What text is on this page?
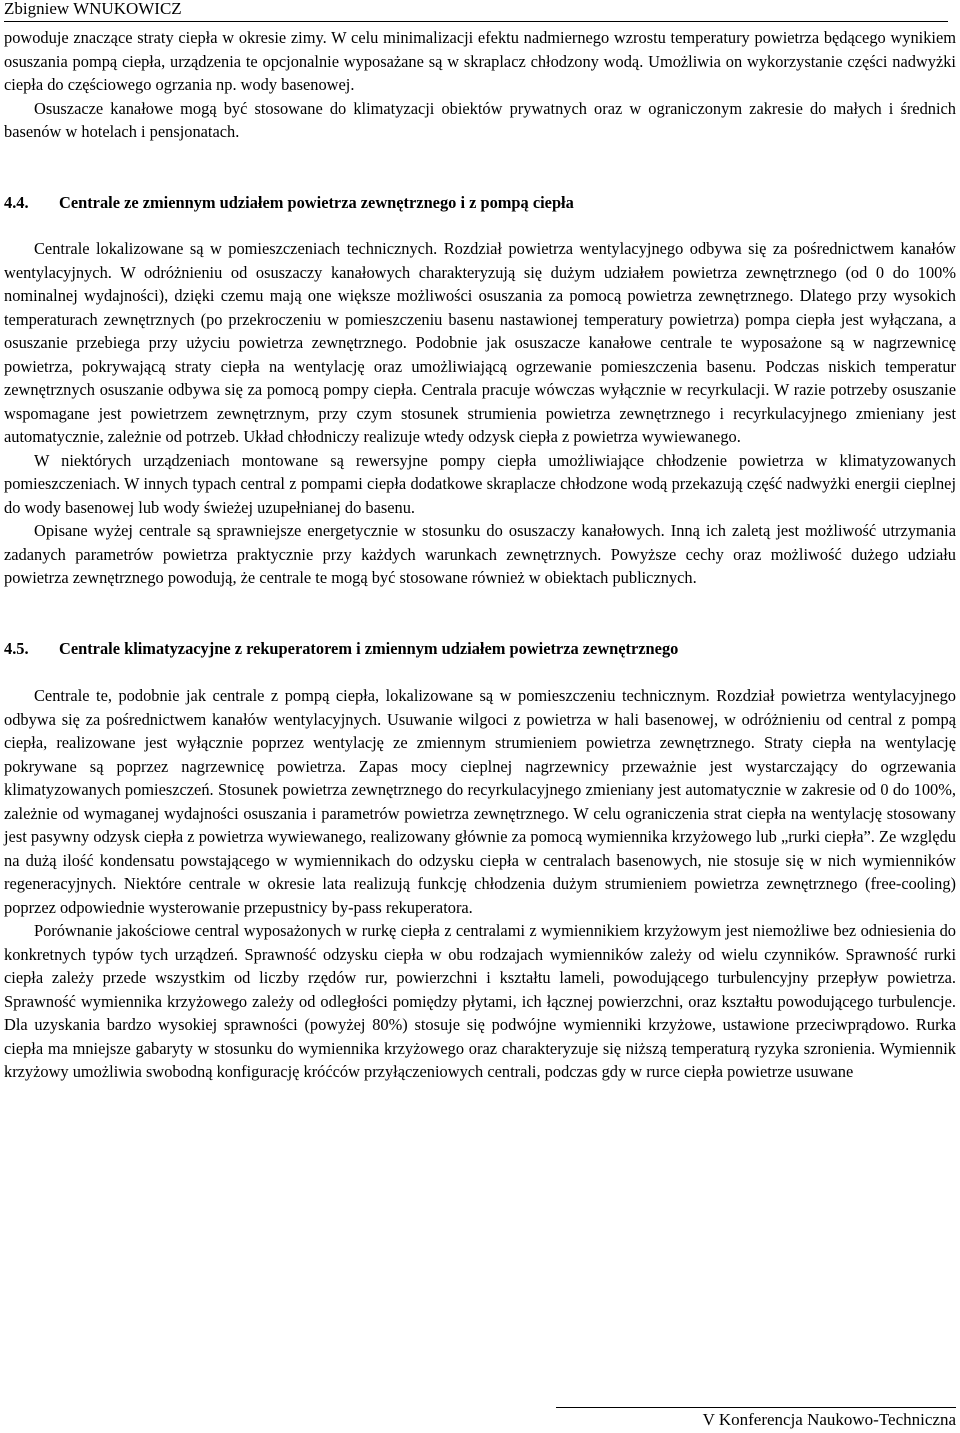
Zbigniew WNUKOWICZ

powoduje znaczące straty ciepła w okresie zimy. W celu minimalizacji efektu nadmiernego wzrostu temperatury powietrza będącego wynikiem osuszania pompą ciepła, urządzenia te opcjonalnie wyposażane są w skraplacz chłodzony wodą. Umożliwia on wykorzystanie części nadwyżki ciepła do częściowego ogrzania np. wody basenowej.

Osuszacze kanałowe mogą być stosowane do klimatyzacji obiektów prywatnych oraz w ograniczonym zakresie do małych i średnich basenów w hotelach i pensjonatach.

4.4. Centrale ze zmiennym udziałem powietrza zewnętrznego i z pompą ciepła

Centrale lokalizowane są w pomieszczeniach technicznych. Rozdział powietrza wentylacyjnego odbywa się za pośrednictwem kanałów wentylacyjnych. W odróżnieniu od osuszaczy kanałowych charakteryzują się dużym udziałem powietrza zewnętrznego (od 0 do 100% nominalnej wydajności), dzięki czemu mają one większe możliwości osuszania za pomocą powietrza zewnętrznego. Dlatego przy wysokich temperaturach zewnętrznych (po przekroczeniu w pomieszczeniu basenu nastawionej temperatury powietrza) pompa ciepła jest wyłączana, a osuszanie przebiega przy użyciu powietrza zewnętrznego. Podobnie jak osuszacze kanałowe centrale te wyposażone są w nagrzewnicę powietrza, pokrywającą straty ciepła na wentylację oraz umożliwiającą ogrzewanie pomieszczenia basenu. Podczas niskich temperatur zewnętrznych osuszanie odbywa się za pomocą pompy ciepła. Centrala pracuje wówczas wyłącznie w recyrkulacji. W razie potrzeby osuszanie wspomagane jest powietrzem zewnętrznym, przy czym stosunek strumienia powietrza zewnętrznego i recyrkulacyjnego zmieniany jest automatycznie, zależnie od potrzeb. Układ chłodniczy realizuje wtedy odzysk ciepła z powietrza wywiewanego.

W niektórych urządzeniach montowane są rewersyjne pompy ciepła umożliwiające chłodzenie powietrza w klimatyzowanych pomieszczeniach. W innych typach central z pompami ciepła dodatkowe skraplacze chłodzone wodą przekazują część nadwyżki energii cieplnej do wody basenowej lub wody świeżej uzupełnianej do basenu.

Opisane wyżej centrale są sprawniejsze energetycznie w stosunku do osuszaczy kanałowych. Inną ich zaletą jest możliwość utrzymania zadanych parametrów powietrza praktycznie przy każdych warunkach zewnętrznych. Powyższe cechy oraz możliwość dużego udziału powietrza zewnętrznego powodują, że centrale te mogą być stosowane również w obiektach publicznych.

4.5. Centrale klimatyzacyjne z rekuperatorem i zmiennym udziałem powietrza zewnętrznego

Centrale te, podobnie jak centrale z pompą ciepła, lokalizowane są w pomieszczeniu technicznym. Rozdział powietrza wentylacyjnego odbywa się za pośrednictwem kanałów wentylacyjnych. Usuwanie wilgoci z powietrza w hali basenowej, w odróżnieniu od central z pompą ciepła, realizowane jest wyłącznie poprzez wentylację ze zmiennym strumieniem powietrza zewnętrznego. Straty ciepła na wentylację pokrywane są poprzez nagrzewnicę powietrza. Zapas mocy cieplnej nagrzewnicy przeważnie jest wystarczający do ogrzewania klimatyzowanych pomieszczeń. Stosunek powietrza zewnętrznego do recyrkulacyjnego zmieniany jest automatycznie w zakresie od 0 do 100%, zależnie od wymaganej wydajności osuszania i parametrów powietrza zewnętrznego. W celu ograniczenia strat ciepła na wentylację stosowany jest pasywny odzysk ciepła z powietrza wywiewanego, realizowany głównie za pomocą wymiennika krzyżowego lub „rurki ciepła”. Ze względu na dużą ilość kondensatu powstającego w wymiennikach do odzysku ciepła w centralach basenowych, nie stosuje się w nich wymienników regeneracyjnych. Niektóre centrale w okresie lata realizują funkcję chłodzenia dużym strumieniem powietrza zewnętrznego (free-cooling) poprzez odpowiednie wysterowanie przepustnicy by-pass rekuperatora.

Porównanie jakościowe central wyposażonych w rurkę ciepła z centralami z wymiennikiem krzyżowym jest niemożliwe bez odniesienia do konkretnych typów tych urządzeń. Sprawność odzysku ciepła w obu rodzajach wymienników zależy od wielu czynników. Sprawność rurki ciepła zależy przede wszystkim od liczby rzędów rur, powierzchni i kształtu lameli, powodującego turbulencyjny przepływ powietrza. Sprawność wymiennika krzyżowego zależy od odległości pomiędzy płytami, ich łącznej powierzchni, oraz kształtu powodującego turbulencje. Dla uzyskania bardzo wysokiej sprawności (powyżej 80%) stosuje się podwójne wymienniki krzyżowe, ustawione przeciwprądowo. Rurka ciepła ma mniejsze gabaryty w stosunku do wymiennika krzyżowego oraz charakteryzuje się niższą temperaturą ryzyka szronienia. Wymiennik krzyżowy umożliwia swobodną konfigurację króćców przyłączeniowych centrali, podczas gdy w rurce ciepła powietrze usuwane

V Konferencja Naukowo-Techniczna
